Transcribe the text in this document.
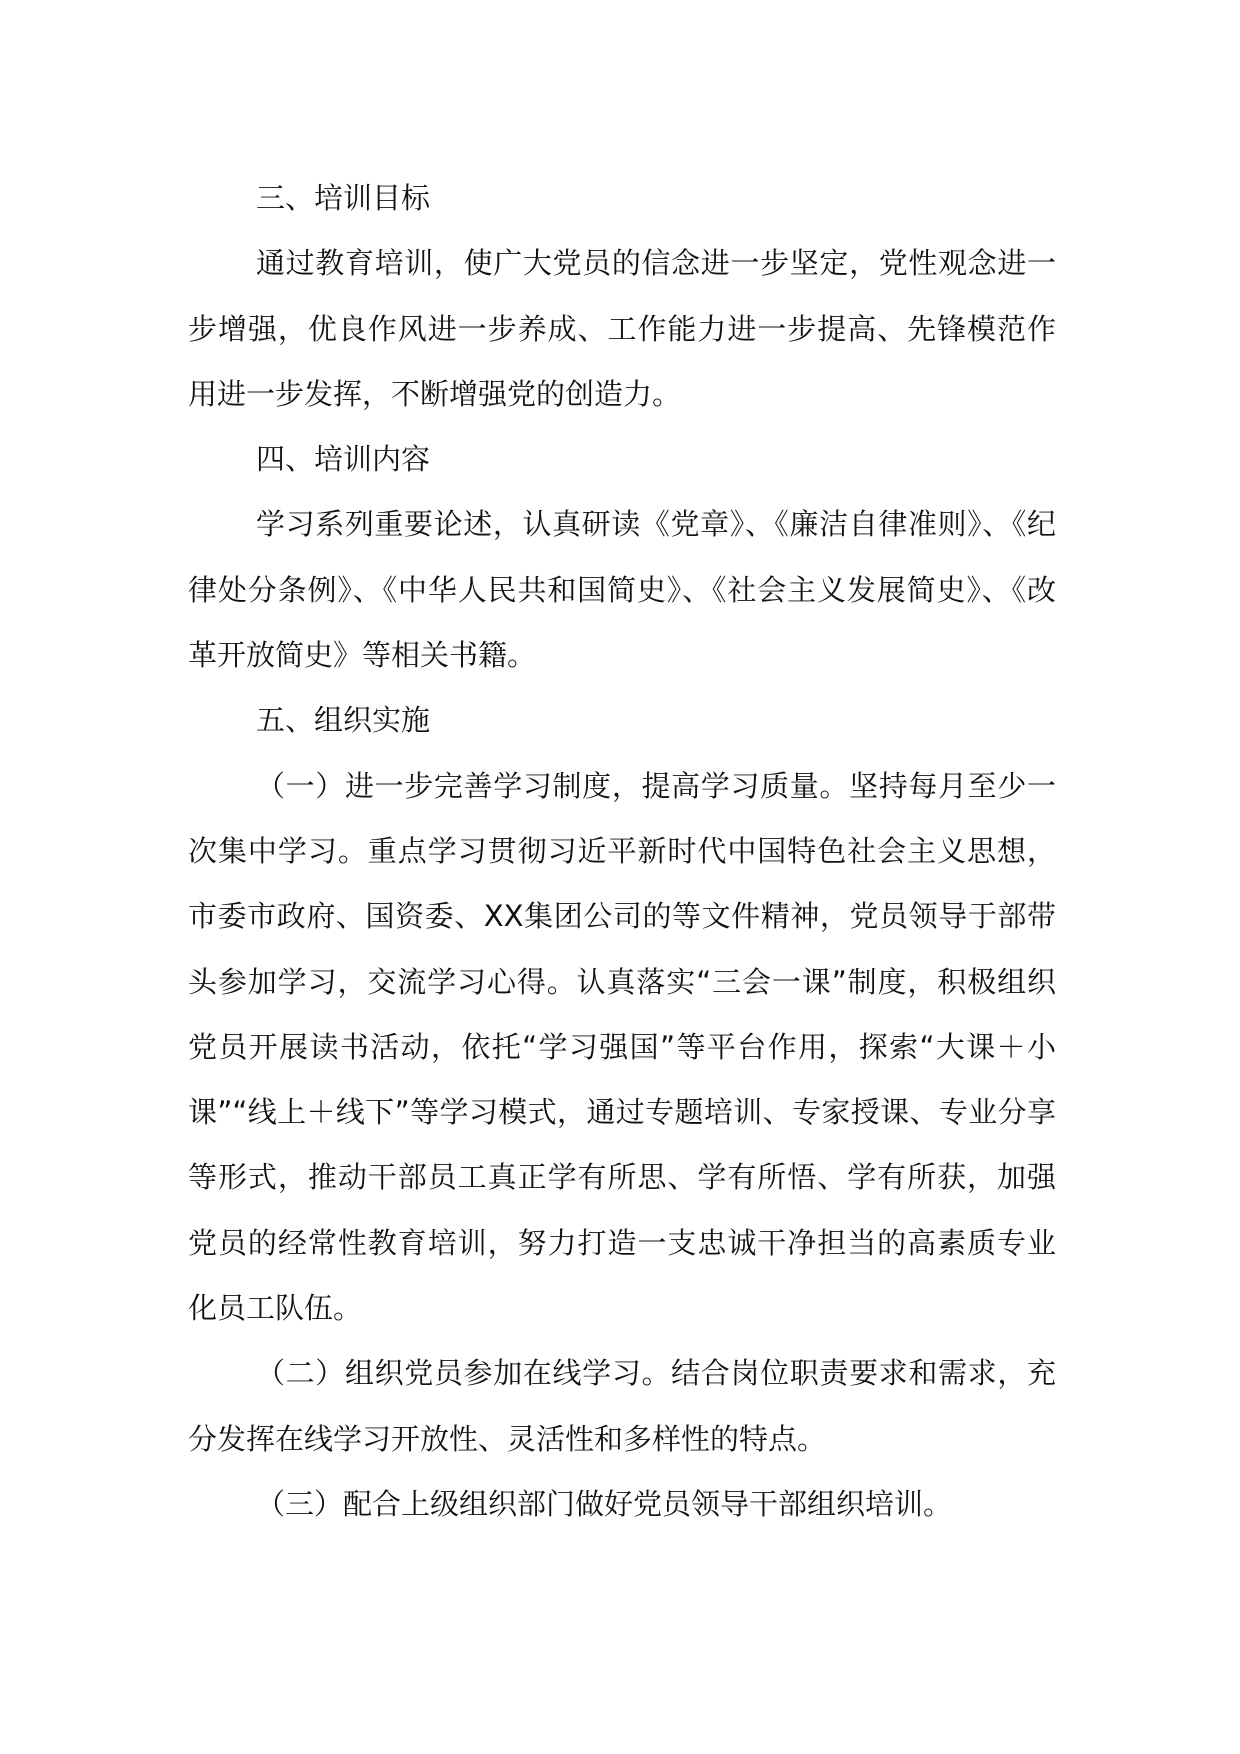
三、培训目标

通过教育培训，使广大党员的信念进一步坚定，党性观念进一步增强，优良作风进一步养成、工作能力进一步提高、先锋模范作用进一步发挥，不断增强党的创造力。

四、培训内容

学习系列重要论述，认真研读《党章》、《廉洁自律准则》、《纪律处分条例》、《中华人民共和国简史》、《社会主义发展简史》、《改革开放简史》等相关书籍。

五、组织实施

（一）进一步完善学习制度，提高学习质量。坚持每月至少一次集中学习。重点学习贯彻习近平新时代中国特色社会主义思想，市委市政府、国资委、XX集团公司的等文件精神，党员领导于部带头参加学习，交流学习心得。认真落实“三会一课”制度，积极组织党员开展读书活动，依托“学习强国”等平台作用，探索“大课＋小课”“线上＋线下”等学习模式，通过专题培训、专家授课、专业分享等形式，推动干部员工真正学有所思、学有所悟、学有所获，加强党员的经常性教育培训，努力打造一支忠诚干净担当的高素质专业化员工队伍。

（二）组织党员参加在线学习。结合岗位职责要求和需求，充分发挥在线学习开放性、灵活性和多样性的特点。

（三）配合上级组织部门做好党员领导干部组织培训。
